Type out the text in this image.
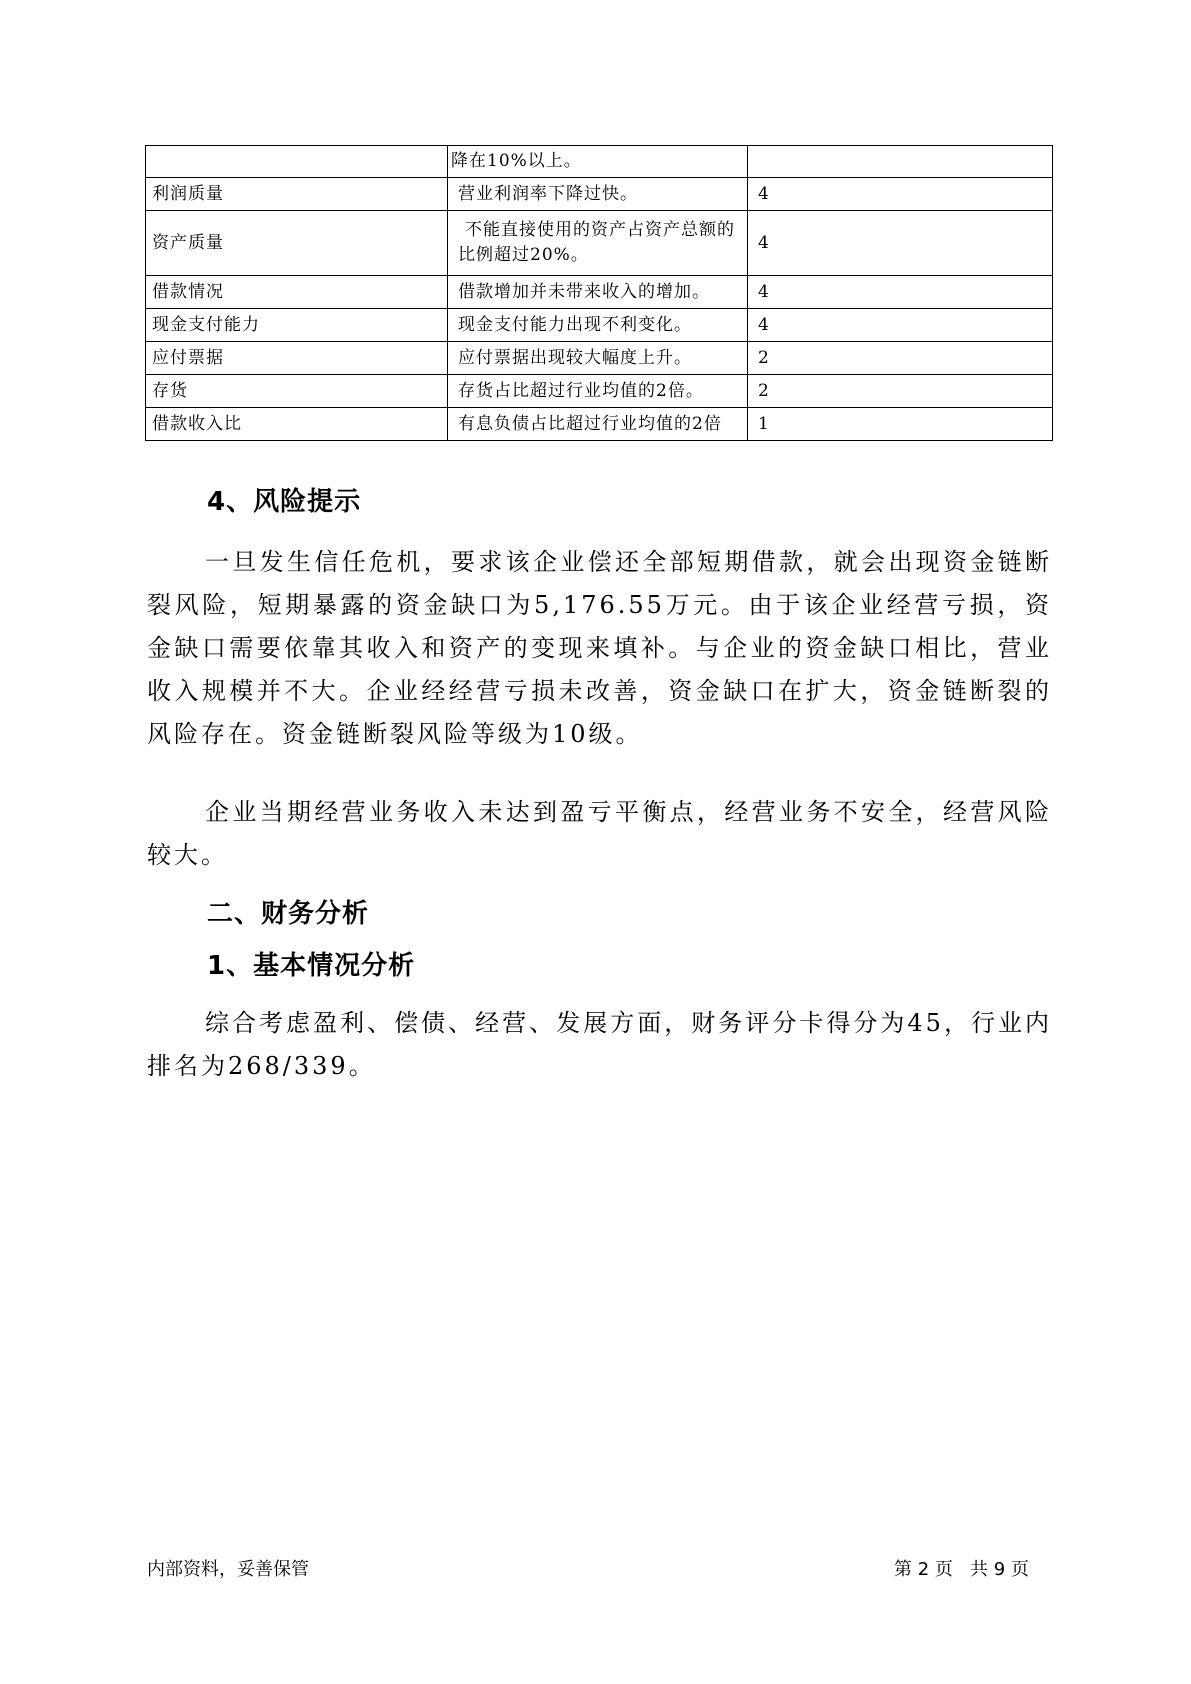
	降在10%以上。	
利润质量	营业利润率下降过快。	4
资产质量	不能直接使用的资产占资产总额的比例超过20%。	4
借款情况	借款增加并未带来收入的增加。	4
现金支付能力	现金支付能力出现不利变化。	4
应付票据	应付票据出现较大幅度上升。	2
存货	存货占比超过行业均值的2倍。	2
借款收入比	有息负债占比超过行业均值的2倍	1
4、风险提示

一旦发生信任危机，要求该企业偿还全部短期借款，就会出现资金链断裂风险，短期暴露的资金缺口为5,176.55万元。由于该企业经营亏损，资金缺口需要依靠其收入和资产的变现来填补。与企业的资金缺口相比，营业收入规模并不大。企业经经营亏损未改善，资金缺口在扩大，资金链断裂的风险存在。资金链断裂风险等级为10级。

企业当期经营业务收入未达到盈亏平衡点，经营业务不安全，经营风险较大。

二、财务分析
1、基本情况分析

综合考虑盈利、偿债、经营、发展方面，财务评分卡得分为45，行业内排名为268/339。

内部资料，妥善保管	第 2 页   共 9 页
